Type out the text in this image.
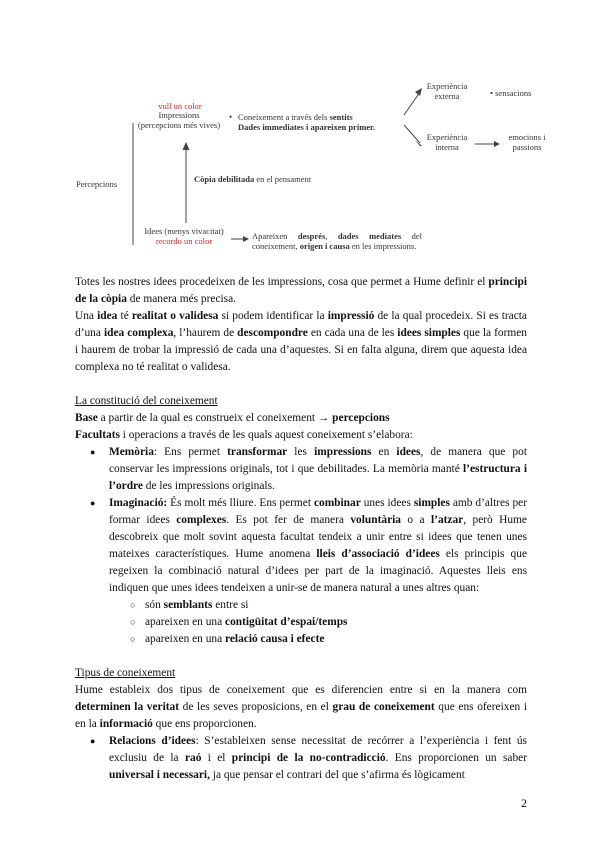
Percepcions
vull un color
Impressions
(percepcions més vives)
• Coneixement a través dels sentits
Dades immediates i apareixen primer.
Còpia debilitada en el pensament
Idees (menys vivacitat)
recordo un color	Apareixen després, dades mediates del coneixement, origen i causa en les impressions.
Experiència externa	• sensacions
Experiència interna
emocions i passions

Totes les nostres idees procedeixen de les impressions, cosa que permet a Hume definir el principi de la còpia de manera més precisa.

Una idea té realitat o validesa si podem identificar la impressió de la qual procedeix. Si es tracta d’una idea complexa, l’haurem de descompondre en cada una de les idees simples que la formen i haurem de trobar la impressió de cada una d’aquestes. Si en falta alguna, direm que aquesta idea complexa no té realitat o validesa.

La constitució del coneixement

Base a partir de la qual es construeix el coneixement → percepcions

Facultats i operacions a través de les quals aquest coneixement s’elabora:

● Memòria: Ens permet transformar les impressions en idees, de manera que pot conservar les impressions originals, tot i que debilitades. La memòria manté l’estructura i l’ordre de les impressions originals.
● Imaginació: És molt més lliure. Ens permet combinar unes idees simples amb d’altres per formar idees complexes. Es pot fer de manera voluntària o a l’atzar, però Hume descobreix que molt sovint aquesta facultat tendeix a unir entre si idees que tenen unes mateixes característiques. Hume anomena lleis d’associació d’idees els principis que regeixen la combinació natural d’idees per part de la imaginació. Aquestes lleis ens indiquen que unes idees tendeixen a unir-se de manera natural a unes altres quan:
○ són semblants entre si
○ apareixen en una contigüitat d’espai/temps
○ apareixen en una relació causa i efecte

Tipus de coneixement

Hume estableix dos tipus de coneixement que es diferencien entre si en la manera com determinen la veritat de les seves proposicions, en el grau de coneixement que ens ofereixen i en la informació que ens proporcionen.

● Relacions d’idees: S’estableixen sense necessitat de recórrer a l’experiència i fent ús exclusiu de la raó i el principi de la no-contradicció. Ens proporcionen un saber universal i necessari, ja que pensar el contrari del que s’afirma és lògicament
2
